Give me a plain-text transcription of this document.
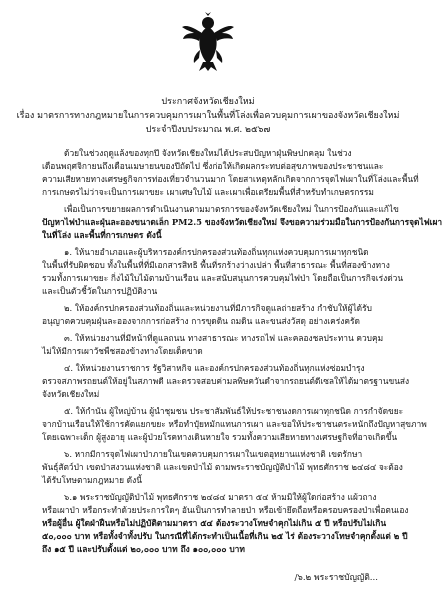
ประกาศจังหวัดเชียงใหม่
เรื่อง มาตรการทางกฎหมายในการควบคุมการเผาในพื้นที่โล่งเพื่อควบคุมการเผาของจังหวัดเชียงใหม่
ประจำปีงบประมาณ พ.ศ. ๒๕๖๗
ด้วยในช่วงฤดูแล้งของทุกปี จังหวัดเชียงใหม่ได้ประสบปัญหาฝุ่นพิษปกคลุม ในช่วง
เดือนพฤศจิกายนถึงเดือนเมษายนของปีถัดไป ซึ่งก่อให้เกิดผลกระทบต่อสุขภาพของประชาชนและ
ความเสียหายทางเศรษฐกิจการท่องเที่ยวจำนวนมาก โดยสาเหตุหลักเกิดจากการจุดไฟเผาในที่โล่งและพื้นที่
การเกษตรไม่ว่าจะเป็นการเผาขยะ เผาเศษใบไม้ และเผาเพื่อเตรียมพื้นที่สำหรับทำเกษตรกรรม
เพื่อเป็นการขยายผลการดำเนินงานตามมาตรการของจังหวัดเชียงใหม่ ในการป้องกันและแก้ไข
ปัญหาไฟป่าและฝุ่นละอองขนาดเล็ก PM2.5 ของจังหวัดเชียงใหม่ จึงขอความร่วมมือในการป้องกันการจุดไฟเผา
ในที่โล่ง และพื้นที่การเกษตร ดังนี้
๑. ให้นายอำเภอและผู้บริหารองค์กรปกครองส่วนท้องถิ่นทุกแห่งควบคุมการเผาทุกชนิด
ในพื้นที่รับผิดชอบ ทั้งในพื้นที่ที่มีเอกสารสิทธิ พื้นที่รกร้างว่างเปล่า พื้นที่สาธารณะ พื้นที่สองข้างทาง
รวมทั้งการเผาขยะ กิ่งไม้ใบไม้ตามบ้านเรือน และสนับสนุนการควบคุมไฟป่า โดยถือเป็นการกิจเร่งด่วน
และเป็นตัวชี้วัดในการปฏิบัติงาน
๒. ให้องค์กรปกครองส่วนท้องถิ่นและหน่วยงานที่มีภารกิจดูแลถ่ายสร้าง กำชับให้ผู้ได้รับ
อนุญาตควบคุมฝุ่นละอองจากการก่อสร้าง การขุดดิน ถมดิน และขนส่งวัสดุ อย่างเคร่งครัด
๓. ให้หน่วยงานที่มีหน้าที่ดูแลถนน ทางสาธารณะ ทางรถไฟ และคลองชลประทาน ควบคุม
ไม่ให้มีการเผาวัชพืชสองข้างทางโดยเด็ดขาด
๔. ให้หน่วยงานราชการ รัฐวิสาหกิจ และองค์กรปกครองส่วนท้องถิ่นทุกแห่งซ่อมบำรุง
ตรวจสภาพรถยนต์ให้อยู่ในสภาพดี และตรวจสอบค่ามลพิษควันดำจากรถยนต์ดีเซลให้ได้มาตรฐานขนส่ง
จังหวัดเชียงใหม่
๕. ให้กำนัน ผู้ใหญ่บ้าน ผู้นำชุมชน ประชาสัมพันธ์ให้ประชาชนงดการเผาทุกชนิด การกำจัดขยะ
จากบ้านเรือนให้ใช้การคัดแยกขยะ หรือทำปุ๋ยหมักแทนการเผา และขอให้ประชาชนตระหนักถึงปัญหาสุขภาพ
โดยเฉพาะเด็ก ผู้สูงอายุ และผู้ป่วยโรคทางเดินหายใจ รวมทั้งความเสียหายทางเศรษฐกิจที่อาจเกิดขึ้น
๖. หากมีการจุดไฟเผาป่าภายในเขตควบคุมการเผาในเขตอุทยานแห่งชาติ เขตรักษา
พันธุ์สัตว์ป่า เขตป่าสงวนแห่งชาติ และเขตป่าไม้ ตามพระราชบัญญัติป่าไม้ พุทธศักราช ๒๔๘๔ จะต้อง
ได้รับโทษตามกฎหมาย ดังนี้
๖.๑ พระราชบัญญัติป่าไม้ พุทธศักราช ๒๔๘๔ มาตรา ๕๔ ห้ามมิให้ผู้ใดก่อสร้าง แผ้วถาง
หรือเผาป่า หรือกระทำด้วยประการใดๆ อันเป็นการทำลายป่า หรือเข้ายึดถือหรือครอบครองป่าเพื่อตนเอง
หรือผู้อื่น ผู้ใดฝ่าฝืนหรือไม่ปฏิบัติตามมาตรา ๕๔ ต้องระวางโทษจำคุกไม่เกิน ๕ ปี หรือปรับไม่เกิน
๕๐,๐๐๐ บาท หรือทั้งจำทั้งปรับ ในกรณีที่ได้กระทำเป็นเนื้อที่เกิน ๒๕ ไร่ ต้องระวางโทษจำคุกตั้งแต่ ๒ ปี
ถึง ๑๕ ปี และปรับตั้งแต่ ๒๐,๐๐๐ บาท ถึง ๑๐๐,๐๐๐ บาท
/๖.๒ พระราชบัญญัติ...
